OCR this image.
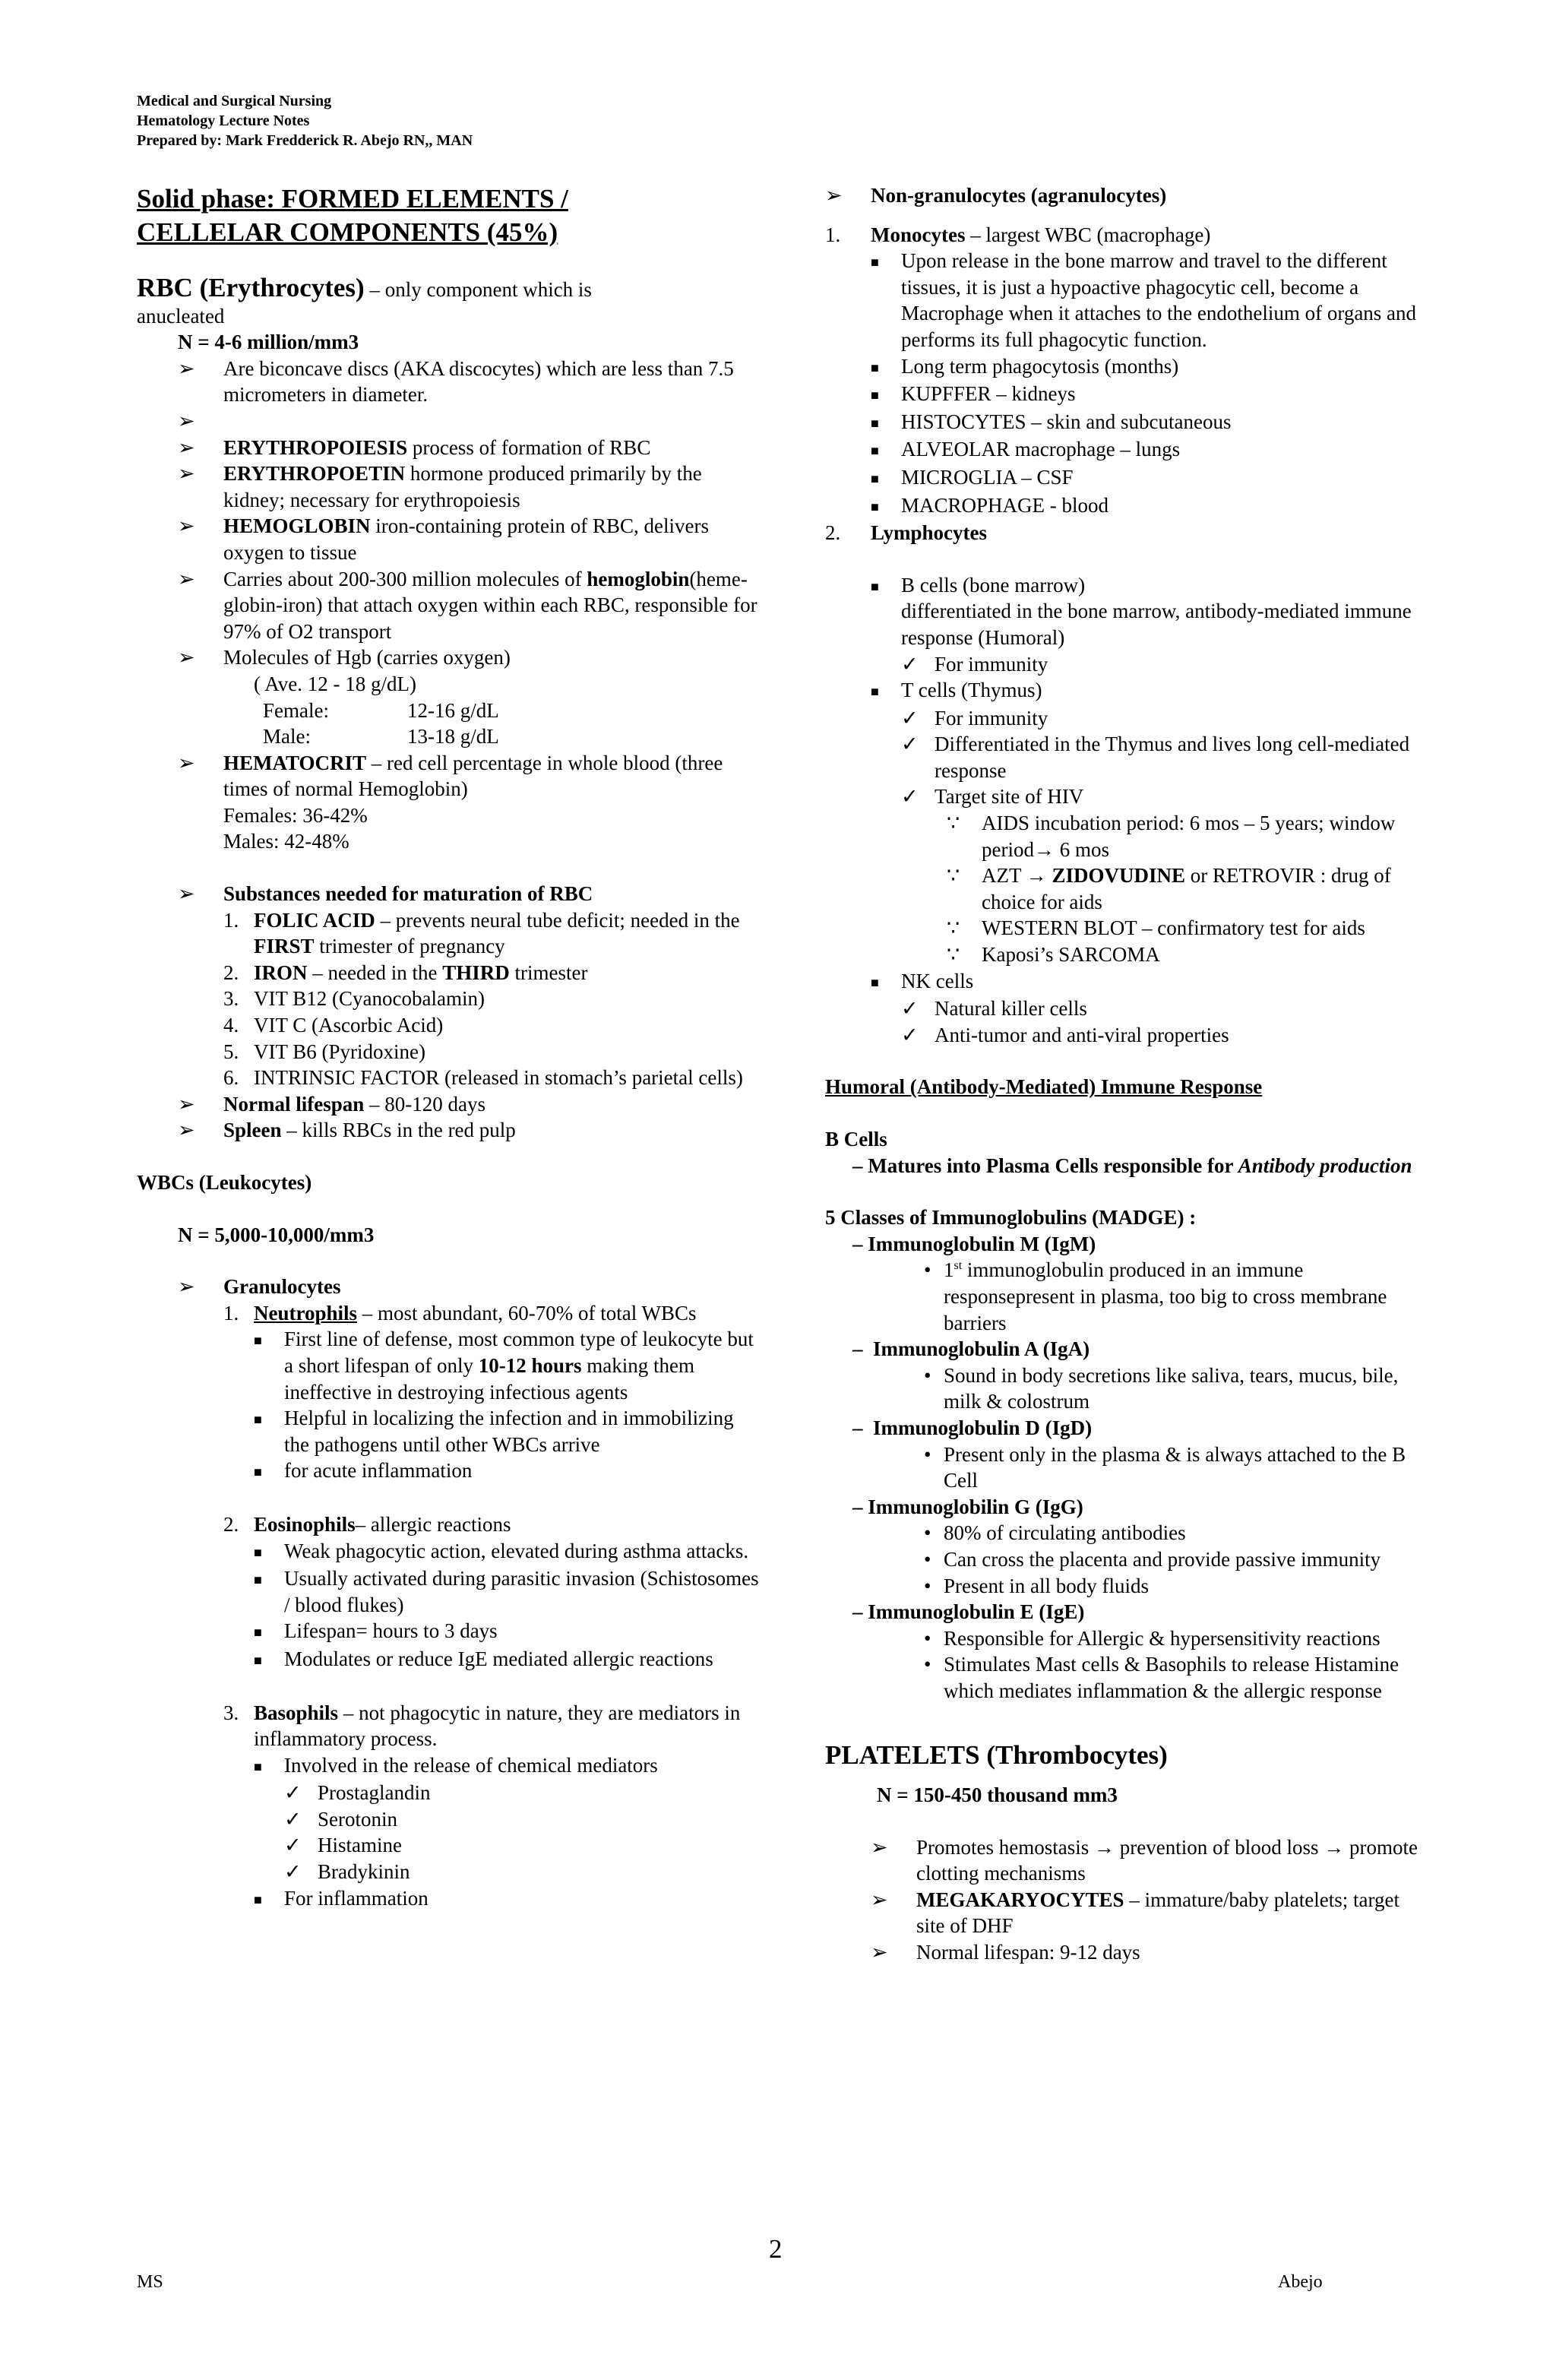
Medical and Surgical Nursing
Hematology Lecture Notes
Prepared by: Mark Fredderick R. Abejo RN,, MAN
Solid phase: FORMED ELEMENTS /
CELLELAR COMPONENTS (45%)
RBC (Erythrocytes) – only component which is
anucleated
N = 4-6 million/mm3
➢	Are biconcave discs (AKA discocytes) which are less than 7.5 micrometers in diameter.
➢
➢	ERYTHROPOIESIS process of formation of RBC
➢	ERYTHROPOETIN hormone produced primarily by the kidney; necessary for erythropoiesis
➢	HEMOGLOBIN iron-containing protein of RBC, delivers oxygen to tissue
➢	Carries about 200-300 million molecules of hemoglobin(heme-globin-iron) that attach oxygen within each RBC, responsible for 97% of O2 transport
➢	Molecules of Hgb (carries oxygen)
( Ave. 12 - 18 g/dL)
Female:	12-16 g/dL
Male:	13-18 g/dL
➢	HEMATOCRIT – red cell percentage in whole blood (three times of normal Hemoglobin)
Females: 36-42%
Males: 42-48%
➢	Substances needed for maturation of RBC
1. FOLIC ACID – prevents neural tube deficit; needed in the FIRST trimester of pregnancy
2. IRON – needed in the THIRD trimester
3. VIT B12 (Cyanocobalamin)
4. VIT C (Ascorbic Acid)
5. VIT B6 (Pyridoxine)
6. INTRINSIC FACTOR (released in stomach’s parietal cells)
➢	Normal lifespan – 80-120 days
➢	Spleen – kills RBCs in the red pulp
WBCs (Leukocytes)
N = 5,000-10,000/mm3
➢	Granulocytes
1. Neutrophils – most abundant, 60-70% of total WBCs
■	First line of defense, most common type of leukocyte but a short lifespan of only 10-12 hours making them ineffective in destroying infectious agents
■	Helpful in localizing the infection and in immobilizing the pathogens until other WBCs arrive
■	for acute inflammation
2. Eosinophils– allergic reactions
■	Weak phagocytic action, elevated during asthma attacks.
■	Usually activated during parasitic invasion (Schistosomes / blood flukes)
■	Lifespan= hours to 3 days
■	Modulates or reduce IgE mediated allergic reactions
3. Basophils – not phagocytic in nature, they are mediators in inflammatory process.
■	Involved in the release of chemical mediators
✓ Prostaglandin
✓ Serotonin
✓ Histamine
✓ Bradykinin
■	For inflammation
➢	Non-granulocytes (agranulocytes)
1.	Monocytes – largest WBC (macrophage)
■	Upon release in the bone marrow and travel to the different tissues, it is just a hypoactive phagocytic cell, become a Macrophage when it attaches to the endothelium of organs and performs its full phagocytic function.
■	Long term phagocytosis (months)
■	KUPFFER – kidneys
■	HISTOCYTES – skin and subcutaneous
■	ALVEOLAR macrophage – lungs
■	MICROGLIA – CSF
■	MACROPHAGE - blood
2.	Lymphocytes
■	B cells (bone marrow)
differentiated in the bone marrow, antibody-mediated immune response (Humoral)
✓ For immunity
■	T cells (Thymus)
✓ For immunity
✓ Differentiated in the Thymus and lives long cell-mediated response
✓ Target site of HIV
∵	AIDS incubation period: 6 mos – 5 years; window period→ 6 mos
∵	AZT → ZIDOVUDINE or RETROVIR : drug of choice for aids
∵	WESTERN BLOT – confirmatory test for aids
∵	Kaposi’s SARCOMA
■	NK cells
✓ Natural killer cells
✓ Anti-tumor and anti-viral properties
Humoral (Antibody-Mediated) Immune Response
B Cells
– Matures into Plasma Cells responsible for Antibody production
5 Classes of Immunoglobulins (MADGE) :
– Immunoglobulin M (IgM)
• 1st immunoglobulin produced in an immune responsepresent in plasma, too big to cross membrane barriers
–  Immunoglobulin A (IgA)
• Sound in body secretions like saliva, tears, mucus, bile, milk & colostrum
–  Immunoglobulin D (IgD)
• Present only in the plasma & is always attached to the B Cell
– Immunoglobilin G (IgG)
• 80% of circulating antibodies
• Can cross the placenta and provide passive immunity
• Present in all body fluids
– Immunoglobulin E (IgE)
• Responsible for Allergic & hypersensitivity reactions
• Stimulates Mast cells & Basophils to release Histamine which mediates inflammation & the allergic response
PLATELETS (Thrombocytes)
N = 150-450 thousand mm3
➢	Promotes hemostasis → prevention of blood loss → promote clotting mechanisms
➢	MEGAKARYOCYTES – immature/baby platelets; target site of DHF
➢	Normal lifespan: 9-12 days
2
MS	Abejo
